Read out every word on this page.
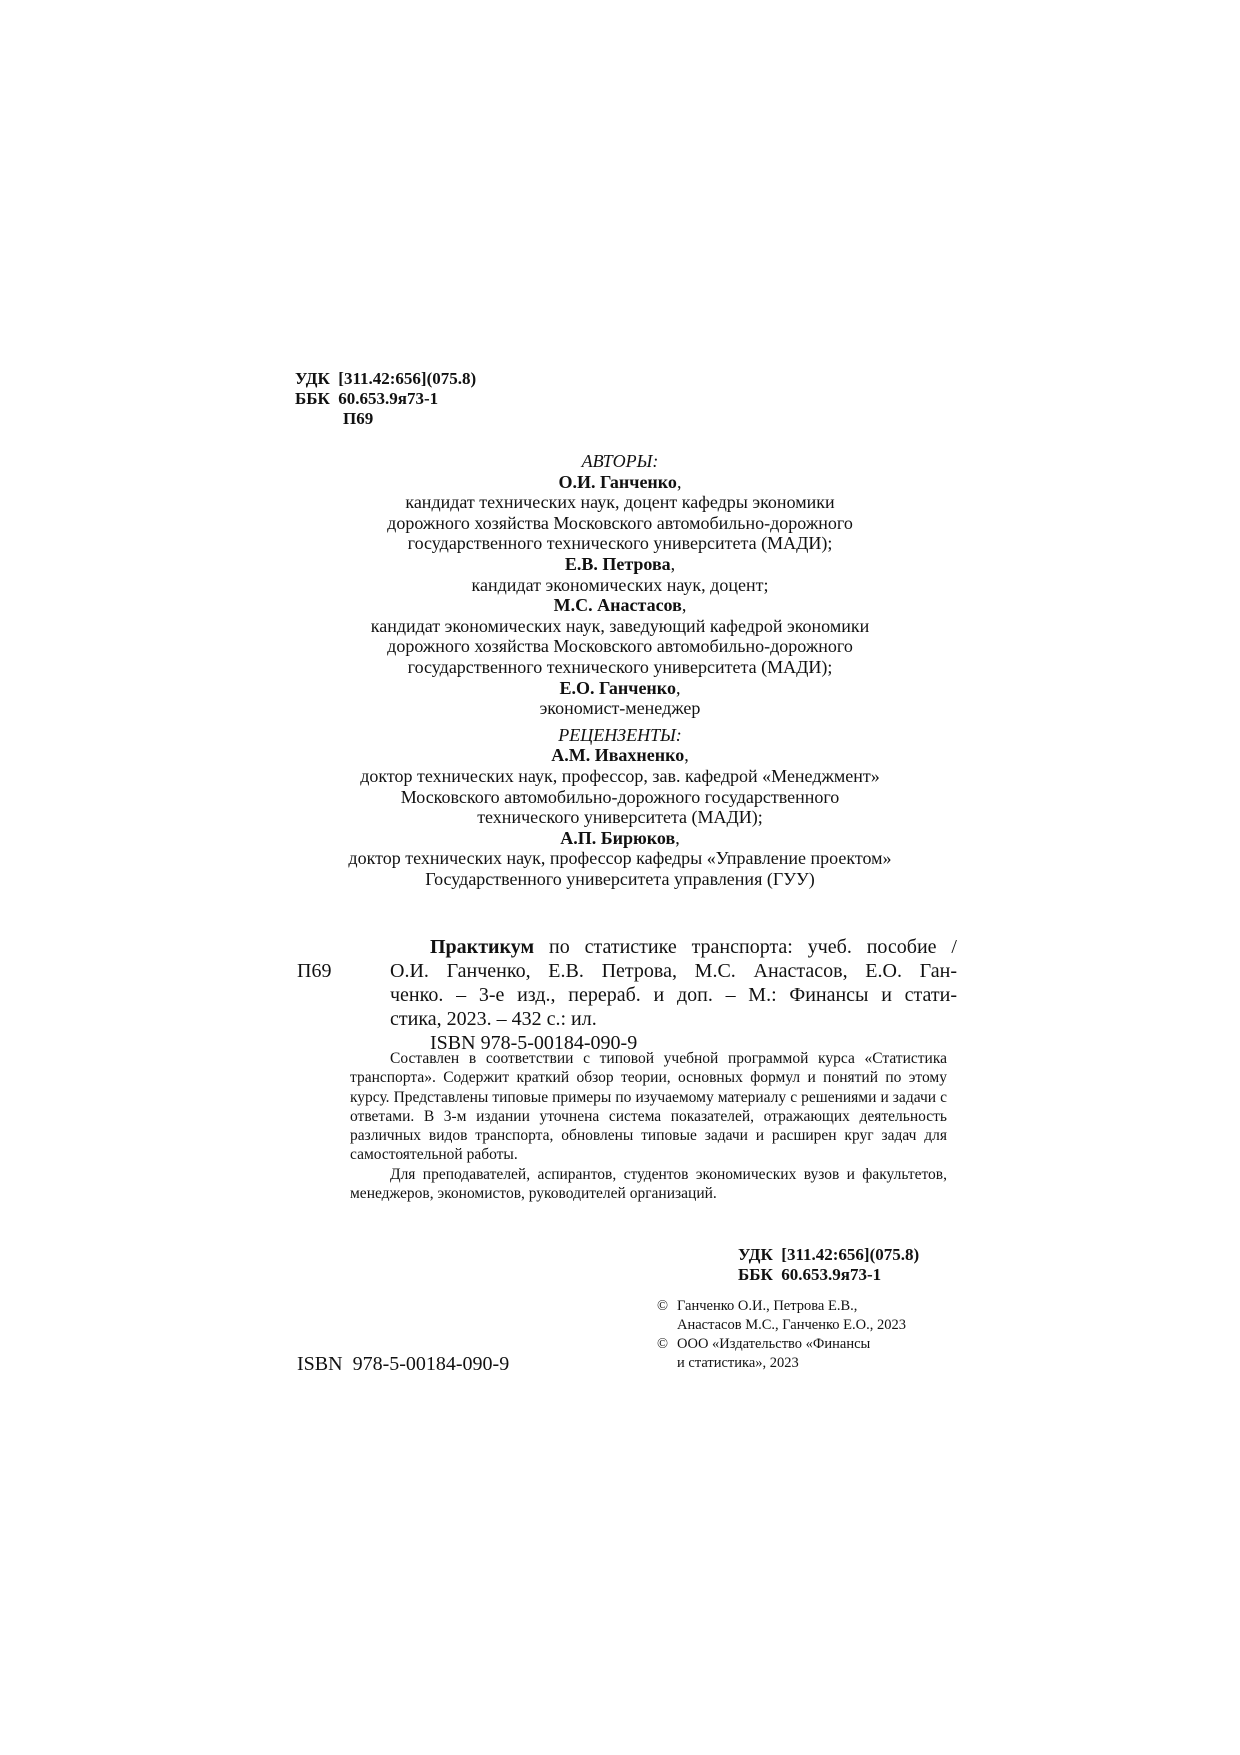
УДК  [311.42:656](075.8)
ББК  60.653.9я73-1
П69
АВТОРЫ:
О.И. Ганченко,
кандидат технических наук, доцент кафедры экономики
дорожного хозяйства Московского автомобильно-дорожного
государственного технического университета (МАДИ);
Е.В. Петрова,
кандидат экономических наук, доцент;
М.С. Анастасов,
кандидат экономических наук, заведующий кафедрой экономики
дорожного хозяйства Московского автомобильно-дорожного
государственного технического университета (МАДИ);
Е.О. Ганченко,
экономист-менеджер
РЕЦЕНЗЕНТЫ:
А.М. Ивахненко,
доктор технических наук, профессор, зав. кафедрой «Менеджмент»
Московского автомобильно-дорожного государственного
технического университета (МАДИ);
А.П. Бирюков,
доктор технических наук, профессор кафедры «Управление проектом»
Государственного университета управления (ГУУ)
П69
Практикум по статистике транспорта: учеб. пособие /
О.И. Ганченко, Е.В. Петрова, М.С. Анастасов, Е.О. Ган-
ченко. – 3-е изд., перераб. и доп. – М.: Финансы и стати-
стика, 2023. – 432 с.: ил.
ISBN 978-5-00184-090-9

Составлен в соответствии с типовой учебной программой курса «Статистика транспорта». Содержит краткий обзор теории, основных формул и понятий по этому курсу. Представлены типовые примеры по изучаемому материалу с решениями и задачи с ответами. В 3-м издании уточнена система показателей, отражающих деятельность различных видов транспорта, обновлены типовые задачи и расширен круг задач для самостоятельной работы.

Для преподавателей, аспирантов, студентов экономических вузов и факультетов, менеджеров, экономистов, руководителей организаций.

УДК  [311.42:656](075.8)
ББК  60.653.9я73-1
© Ганченко О.И., Петрова Е.В.,
Анастасов М.С., Ганченко Е.О., 2023
© ООО «Издательство «Финансы
и статистика», 2023
ISBN  978-5-00184-090-9
